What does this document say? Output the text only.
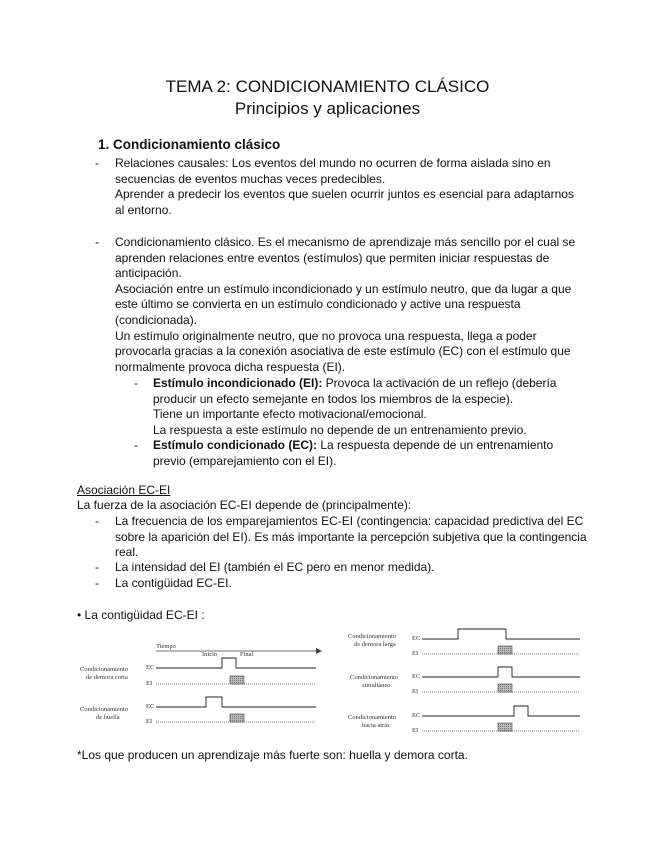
TEMA 2: CONDICIONAMIENTO CLÁSICO
Principios y aplicaciones
1. Condicionamiento clásico
- Relaciones causales: Los eventos del mundo no ocurren de forma aislada sino en
secuencias de eventos muchas veces predecibles.
Aprender a predecir los eventos que suelen ocurrir juntos es esencial para adaptarnos
al entorno.
- Condicionamiento clásico. Es el mecanismo de aprendizaje más sencillo por el cual se
aprenden relaciones entre eventos (estímulos) que permiten iniciar respuestas de
anticipación.
Asociación entre un estímulo incondicionado y un estímulo neutro, que da lugar a que
este último se convierta en un estímulo condicionado y active una respuesta
(condicionada).
Un estímulo originalmente neutro, que no provoca una respuesta, llega a poder
provocarla gracias a la conexión asociativa de este estímulo (EC) con el estímulo que
normalmente provoca dicha respuesta (EI).
- Estímulo incondicionado (EI): Provoca la activación de un reflejo (debería
producir un efecto semejante en todos los miembros de la especie).
Tiene un importante efecto motivacional/emocional.
La respuesta a este estímulo no depende de un entrenamiento previo.
- Estímulo condicionado (EC): La respuesta depende de un entrenamiento
previo (emparejamiento con el EI).
Asociación EC-EI
La fuerza de la asociación EC-EI depende de (principalmente):
- La frecuencia de los emparejamientos EC-EI (contingencia: capacidad predictiva del EC
sobre la aparición del EI). Es más importante la percepción subjetiva que la contingencia
real.
- La intensidad del EI (también el EC pero en menor medida).
- La contigüidad EC-EI.
• La contigüidad EC-EI :
Tiempo
Inicio	Final
Condicionamiento
de demora corta
EC
EI
Condicionamiento
de huella
EC
EI
Condicionamiento
de demora larga
EC
EI
Condicionamiento
simultáneo
EC
EI
Condicionamiento
hacia atrás
EC
EI
*Los que producen un aprendizaje más fuerte son: huella y demora corta.
